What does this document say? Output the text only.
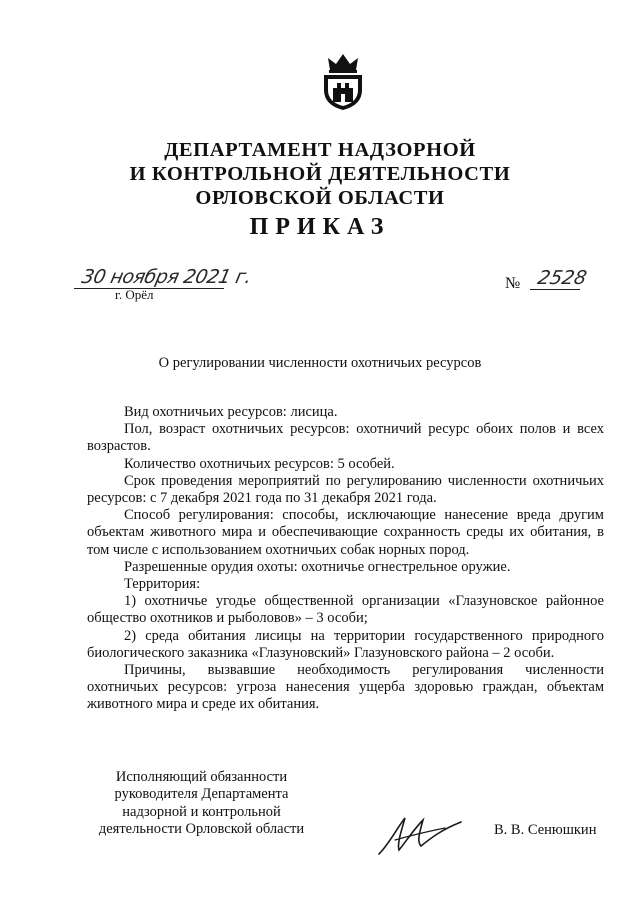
ДЕПАРТАМЕНТ НАДЗОРНОЙ
И КОНТРОЛЬНОЙ ДЕЯТЕЛЬНОСТИ
ОРЛОВСКОЙ ОБЛАСТИ
ПРИКАЗ
30 ноября 2021 г.
г. Орёл
№ 2528
О регулировании численности охотничьих ресурсов

Вид охотничьих ресурсов: лисица.

Пол, возраст охотничьих ресурсов: охотничий ресурс обоих полов и всех возрастов.

Количество охотничьих ресурсов: 5 особей.

Срок проведения мероприятий по регулированию численности охотничьих ресурсов: с 7 декабря 2021 года по 31 декабря 2021 года.

Способ регулирования: способы, исключающие нанесение вреда другим объектам животного мира и обеспечивающие сохранность среды их обитания, в том числе с использованием охотничьих собак норных пород.

Разрешенные орудия охоты: охотничье огнестрельное оружие.

Территория:

1) охотничье угодье общественной организации «Глазуновское районное общество охотников и рыболовов» – 3 особи;

2) среда обитания лисицы на территории государственного природного биологического заказника «Глазуновский» Глазуновского района – 2 особи.

Причины, вызвавшие необходимость регулирования численности охотничьих ресурсов: угроза нанесения ущерба здоровью граждан, объектам животного мира и среде их обитания.

Исполняющий обязанности
руководителя Департамента
надзорной и контрольной
деятельности Орловской области	В. В. Сенюшкин
